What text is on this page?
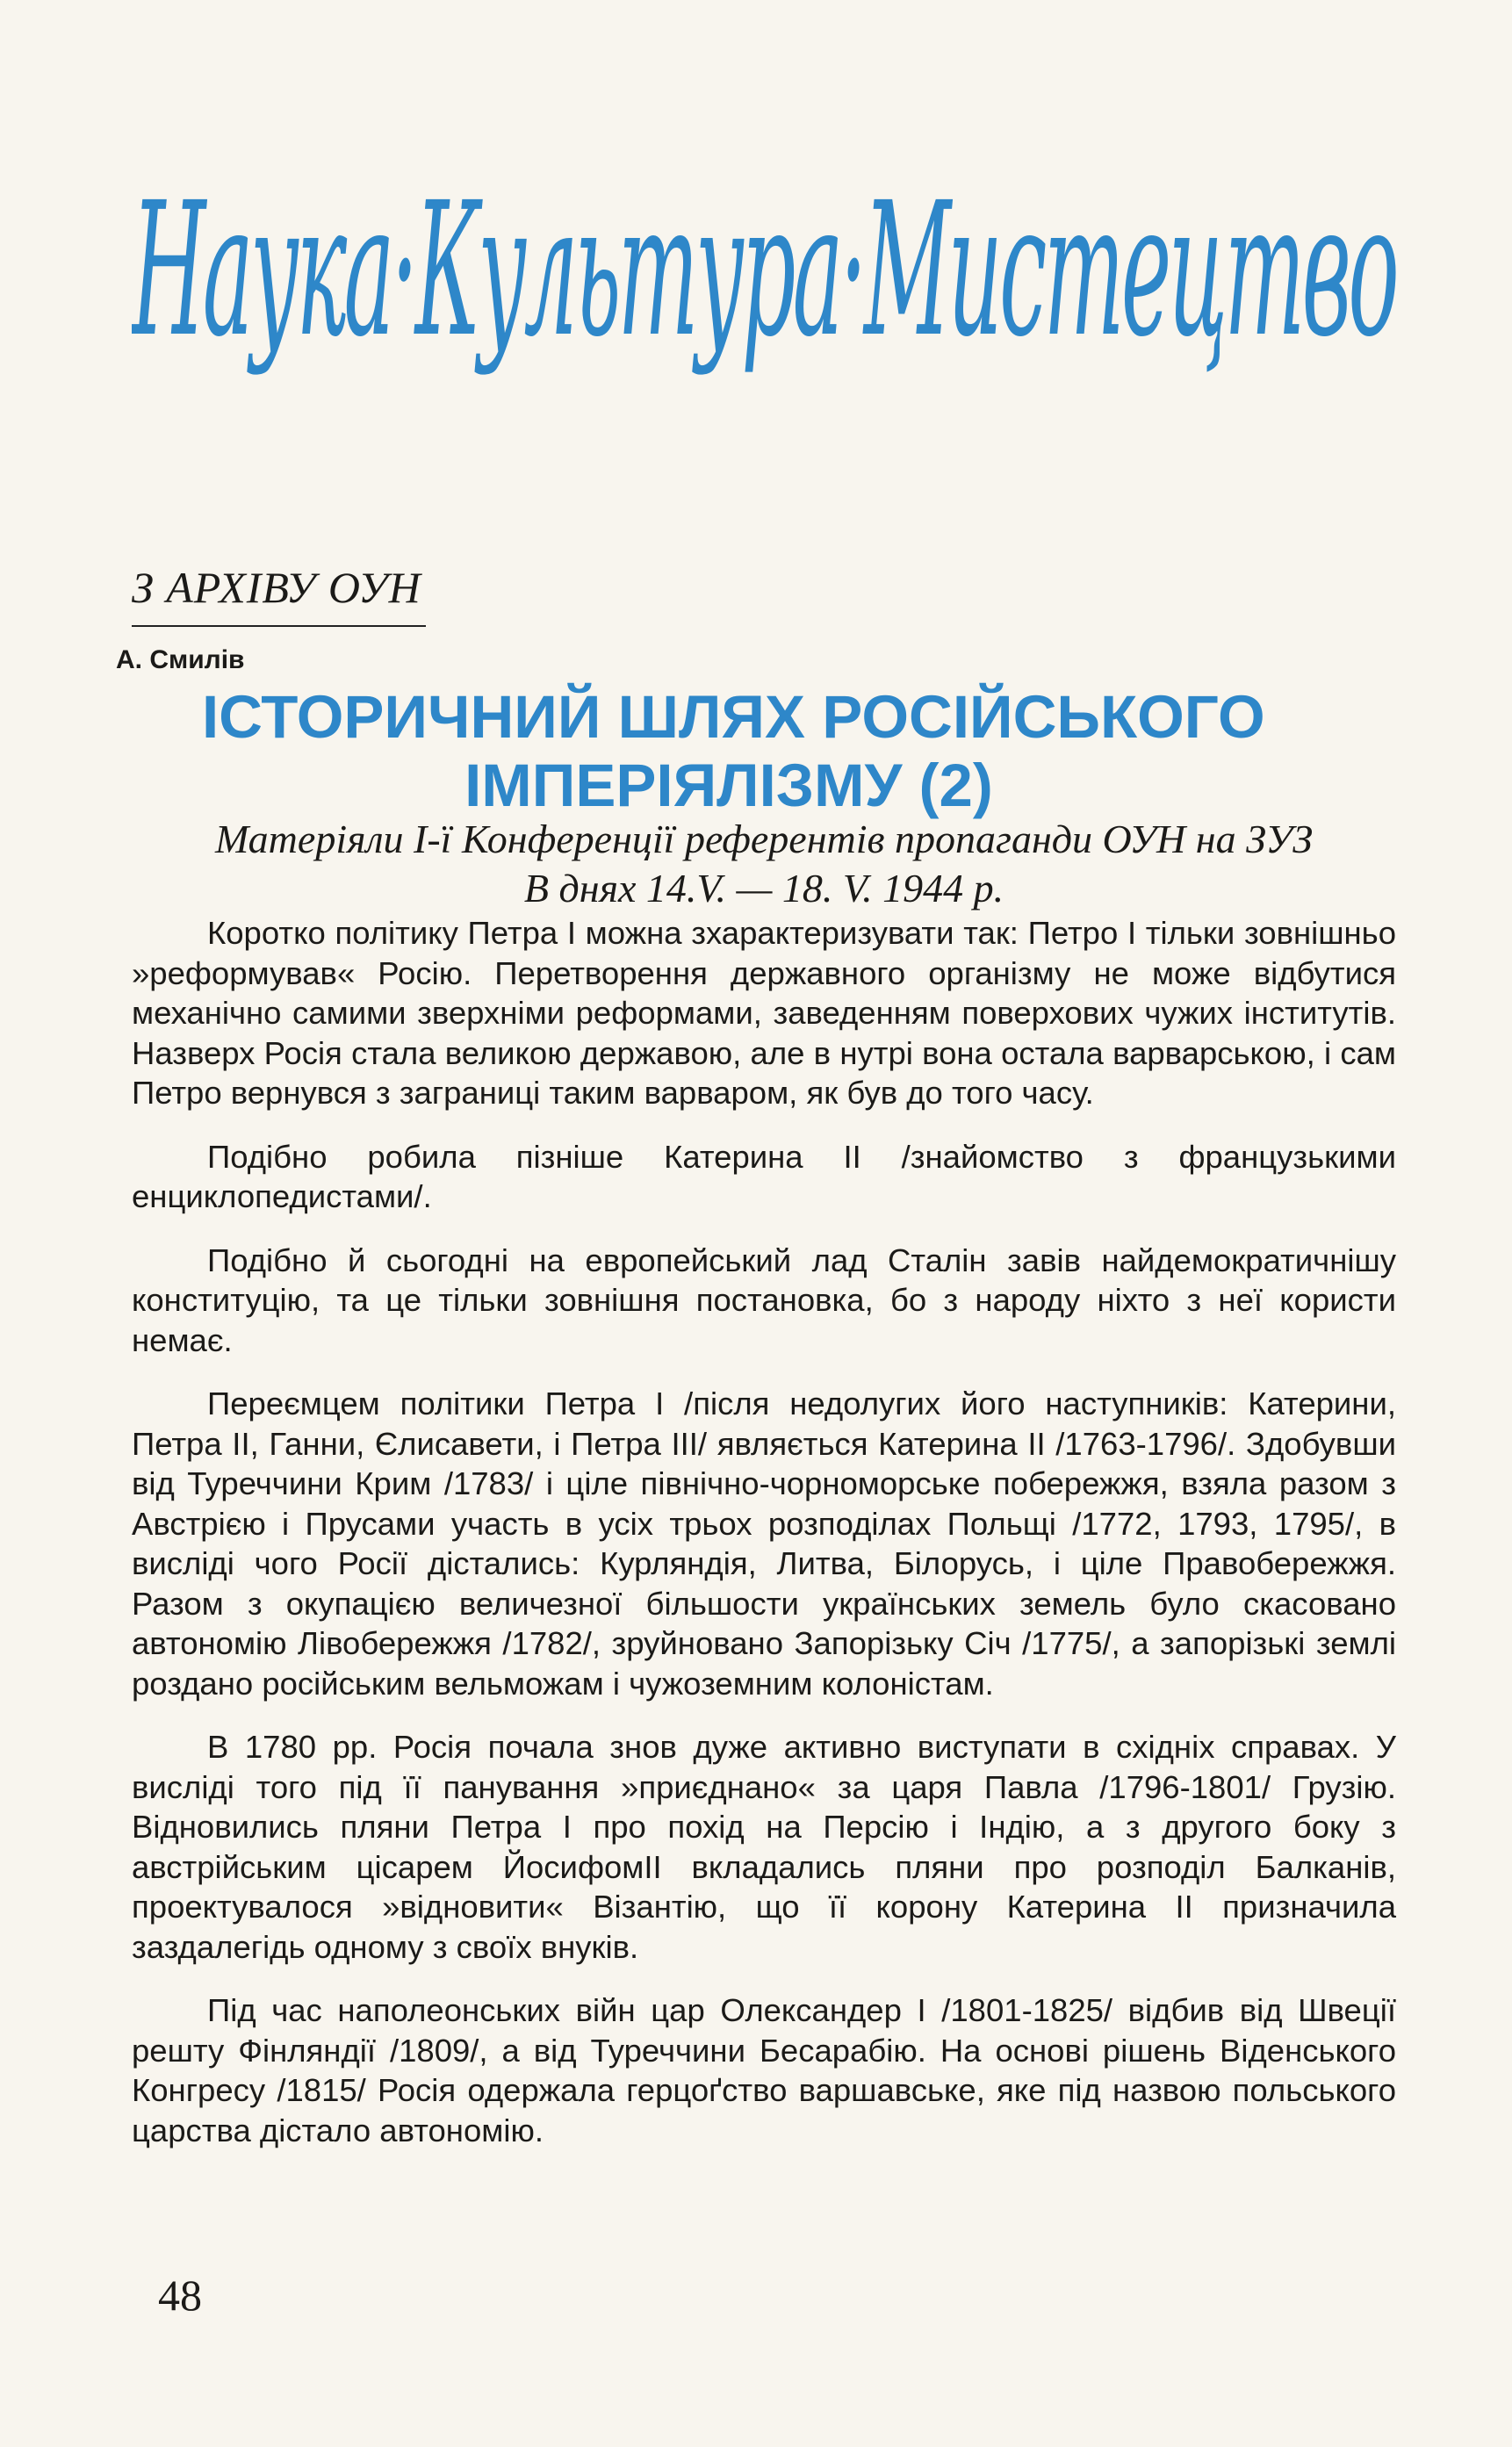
Наука·Культура·Мистецтво
З АРХІВУ ОУН
А. Смилів
ІСТОРИЧНИЙ ШЛЯХ РОСІЙСЬКОГО
ІМПЕРІЯЛІЗМУ (2)
Матеріяли І-ї Конференції референтів пропаганди ОУН на ЗУЗ
В днях 14.V. — 18. V. 1944 р.

Коротко політику Петра І можна зхарактеризувати так: Петро І тільки зовнішньо »реформував« Росію. Перетворення державного організму не може відбутися механічно самими зверхніми реформами, заведенням поверхових чужих інститутів. Назверх Росія стала великою державою, але в нутрі вона остала варварською, і сам Петро вернувся з заграниці таким варваром, як був до того часу.

Подібно робила пізніше Катерина ІІ /знайомство з французькими енциклопедистами/.

Подібно й сьогодні на европейський лад Сталін завів найдемократичнішу конституцію, та це тільки зовнішня постановка, бо з народу ніхто з неї користи немає.

Переємцем політики Петра І /після недолугих його наступників: Катерини, Петра ІІ, Ганни, Єлисавети, і Петра ІІІ/ являється Катерина ІІ /1763-1796/. Здобувши від Туреччини Крим /1783/ і ціле північно-чорноморське побережжя, взяла разом з Австрією і Прусами участь в усіх трьох розподілах Польщі /1772, 1793, 1795/, в висліді чого Росії дістались: Курляндія, Литва, Білорусь, і ціле Правобережжя. Разом з окупацією величезної більшости українських земель було скасовано автономію Лівобережжя /1782/, зруйновано Запорізьку Січ /1775/, а запорізькі землі роздано російським вельможам і чужоземним колоністам.

В 1780 рр. Росія почала знов дуже активно виступати в східніх справах. У висліді того під її панування »приєднано« за царя Павла /1796-1801/ Грузію. Відновились пляни Петра І про похід на Персію і Індію, а з другого боку з австрійським цісарем ЙосифомІІ вкладались пляни про розподіл Балканів, проектувалося »відновити« Візантію, що її корону Катерина ІІ призначила заздалегідь одному з своїх внуків.

Під час наполеонських війн цар Олександер І /1801-1825/ відбив від Швеції решту Фінляндії /1809/, а від Туреччини Бесарабію. На основі рішень Віденського Конгресу /1815/ Росія одержала герцоґство варшавське, яке під назвою польського царства дістало автономію.

48
